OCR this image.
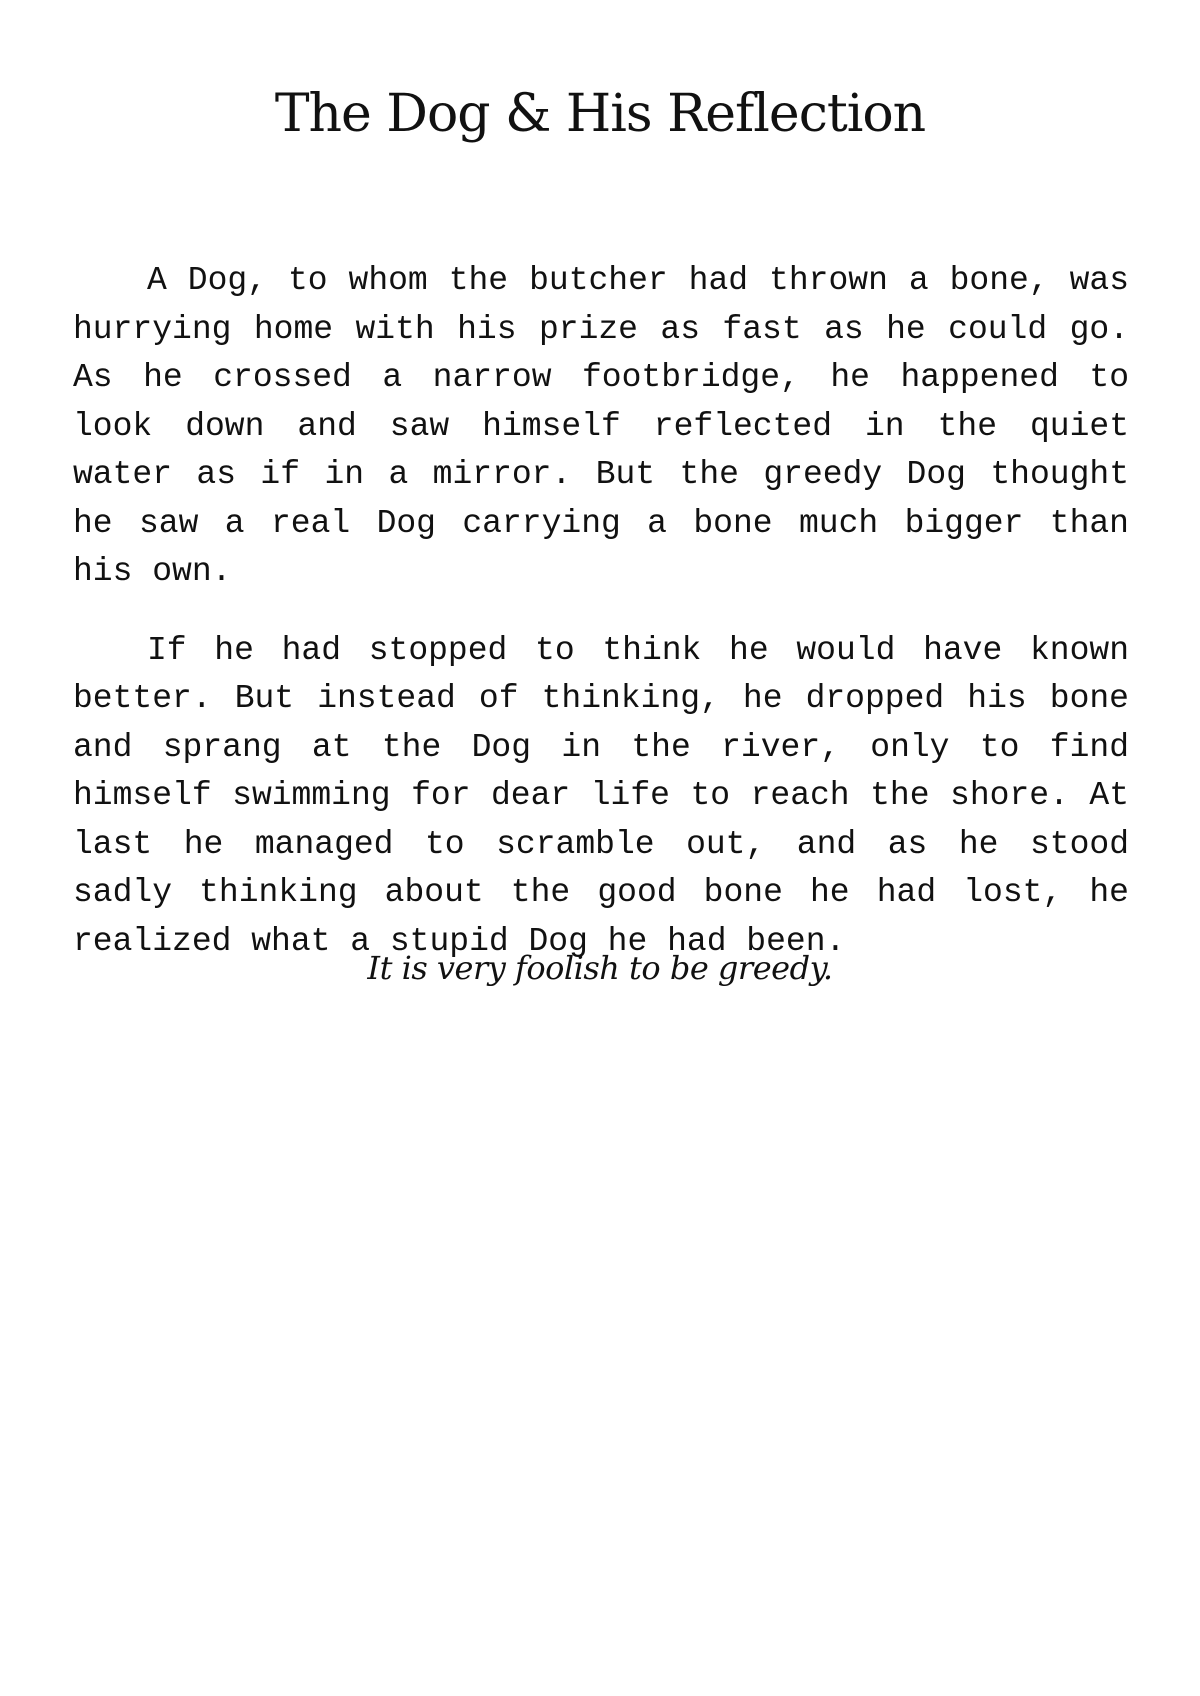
The Dog & His Reflection

A Dog, to whom the butcher had thrown a bone, was hurrying home with his prize as fast as he could go. As he crossed a narrow footbridge, he happened to look down and saw himself reflected in the quiet water as if in a mirror. But the greedy Dog thought he saw a real Dog carrying a bone much bigger than his own.

If he had stopped to think he would have known better. But instead of thinking, he dropped his bone and sprang at the Dog in the river, only to find himself swimming for dear life to reach the shore. At last he managed to scramble out, and as he stood sadly thinking about the good bone he had lost, he realized what a stupid Dog he had been.

It is very foolish to be greedy.
